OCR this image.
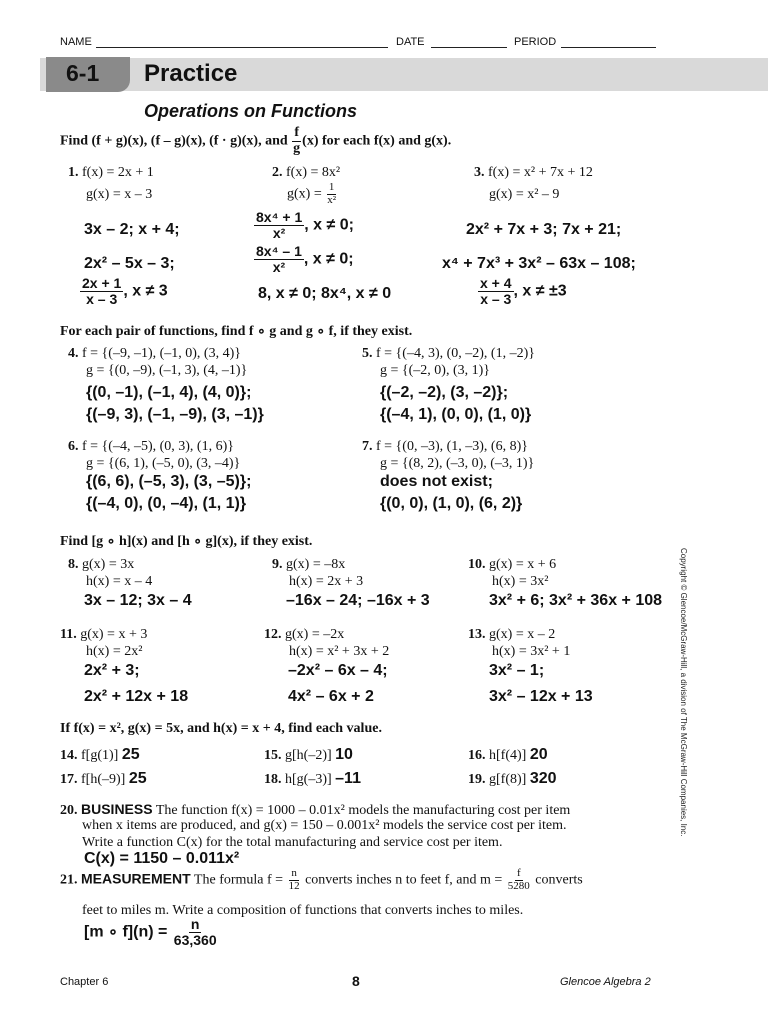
NAME	DATE	PERIOD
6-1 Practice
Operations on Functions
Find (f + g)(x), (f – g)(x), (f · g)(x), and $\frac{f}{g} (x)$ for each f(x) and g(x).
1. f(x) = 2x + 1
g(x) = x – 3
3x – 2; x + 4;
2x² – 5x – 3;
$\frac{2x + 1}{x - 3}$ , x ≠ 3
2. f(x) = 8x²
$g(x) = \frac{1}{\text{x²}}$
$\frac{\text{8x⁴ + 1}}{\text{x²}}$ , x ≠ 0;
$\frac{\text{8x⁴ – 1}}{\text{x²}}$ , x ≠ 0;
8, x ≠ 0; 8x⁴, x ≠ 0
3. f(x) = x² + 7x + 12
g(x) = x² – 9
2x² + 7x + 3; 7x + 21;
x⁴ + 7x³ + 3x² – 63x – 108;
$\frac{x + 4}{x - 3}$ , x ≠ ±3
For each pair of functions, find f ∘ g and g ∘ f, if they exist.
4. f = {(–9, –1), (–1, 0), (3, 4)}
g = {(0, –9), (–1, 3), (4, –1)}
{(0, –1), (–1, 4), (4, 0)};
{(–9, 3), (–1, –9), (3, –1)}
5. f = {(–4, 3), (0, –2), (1, –2)}
g = {(–2, 0), (3, 1)}
{(–2, –2), (3, –2)};
{(–4, 1), (0, 0), (1, 0)}
6. f = {(–4, –5), (0, 3), (1, 6)}
g = {(6, 1), (–5, 0), (3, –4)}
{(6, 6), (–5, 3), (3, –5)};
{(–4, 0), (0, –4), (1, 1)}
7. f = {(0, –3), (1, –3), (6, 8)}
g = {(8, 2), (–3, 0), (–3, 1)}
does not exist;
{(0, 0), (1, 0), (6, 2)}
Find [g ∘ h](x) and [h ∘ g](x), if they exist.
8. g(x) = 3x
h(x) = x – 4
3x – 12; 3x – 4
9. g(x) = –8x
h(x) = 2x + 3
–16x – 24; –16x + 3
10. g(x) = x + 6
h(x) = 3x²
3x² + 6; 3x² + 36x + 108
11. g(x) = x + 3
h(x) = 2x²
2x² + 3;
2x² + 12x + 18
12. g(x) = –2x
h(x) = x² + 3x + 2
–2x² – 6x – 4;
4x² – 6x + 2
13. g(x) = x – 2
h(x) = 3x² + 1
3x² – 1;
3x² – 12x + 13
If f(x) = x², g(x) = 5x, and h(x) = x + 4, find each value.
14. f[g(1)] 25	15. g[h(–2)] 10	16. h[f(4)] 20
17. f[h(–9)] 25	18. h[g(–3)] –11	19. g[f(8)] 320
20. BUSINESS The function f(x) = 1000 – 0.01x² models the manufacturing cost per item
when x items are produced, and g(x) = 150 – 0.001x² models the service cost per item.
Write a function C(x) for the total manufacturing and service cost per item.
C(x) = 1150 – 0.011x²
21. MEASUREMENT The formula $f = \frac{n}{12}$ converts inches n to feet f, and $m = \frac{f}{5280}$ converts
feet to miles m. Write a composition of functions that converts inches to miles.
[m ∘ $f](n) = \frac{n}{63,360}$
Copyright © Glencoe/McGraw-Hill, a division of The McGraw-Hill Companies, Inc.
Chapter 6	8	Glencoe Algebra 2
